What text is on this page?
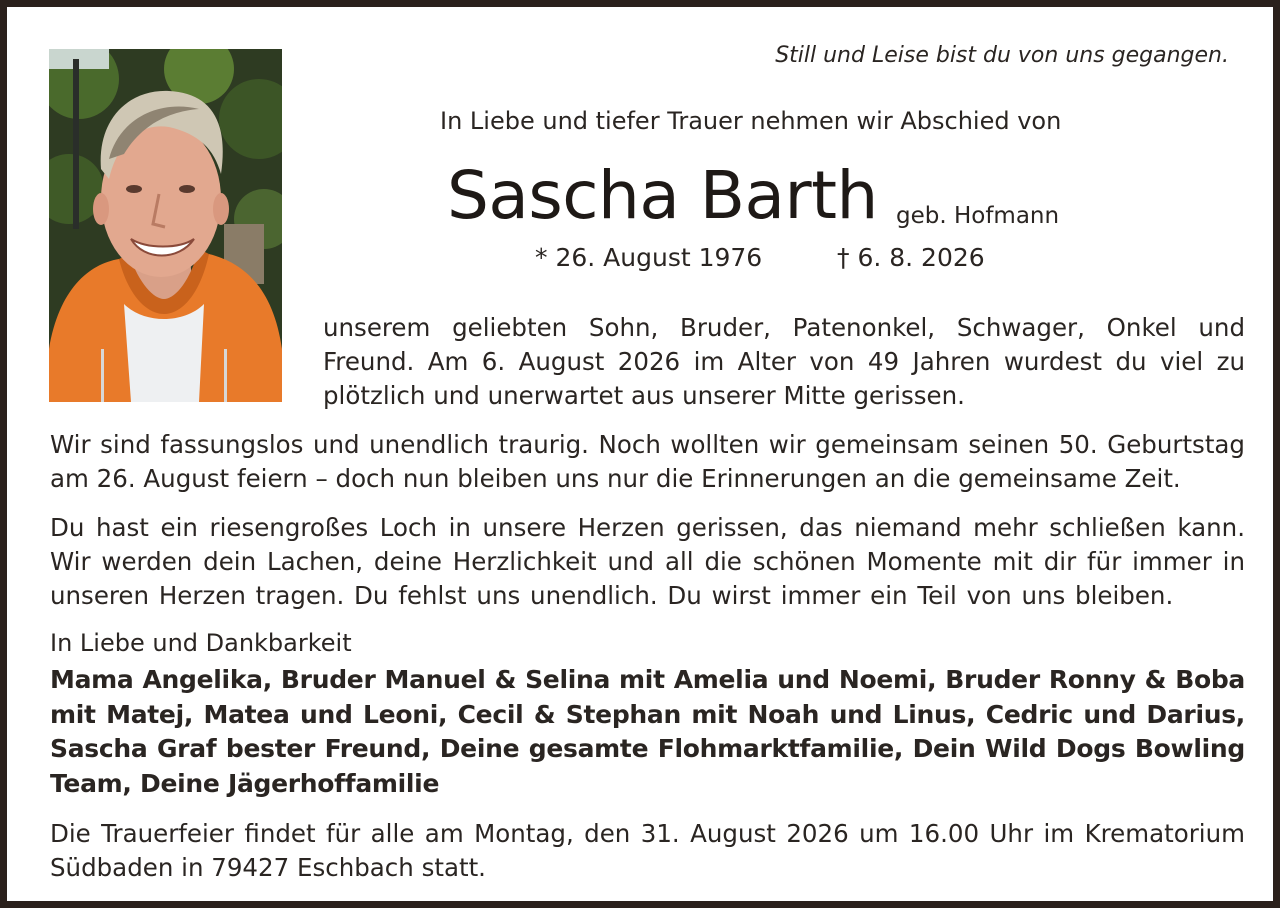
Still und Leise bist du von uns gegangen.
In Liebe und tiefer Trauer nehmen wir Abschied von
Sascha Barth geb. Hofmann
* 26. August 1976	† 6. 8. 2026
unserem geliebten Sohn, Bruder, Patenonkel, Schwager, Onkel und Freund. Am 6. August 2026 im Alter von 49 Jahren wurdest du viel zu plötzlich und unerwartet aus unserer Mitte gerissen.
Wir sind fassungslos und unendlich traurig. Noch wollten wir gemeinsam seinen 50. Geburtstag am 26. August feiern – doch nun bleiben uns nur die Erinnerungen an die gemeinsame Zeit.
Du hast ein riesengroßes Loch in unsere Herzen gerissen, das niemand mehr schließen kann. Wir werden dein Lachen, deine Herzlichkeit und all die schönen Momente mit dir für immer in unseren Herzen tragen. Du fehlst uns unendlich. Du wirst immer ein Teil von uns bleiben.
In Liebe und Dankbarkeit
Mama Angelika, Bruder Manuel & Selina mit Amelia und Noemi, Bruder Ronny & Boba mit Matej, Matea und Leoni, Cecil & Stephan mit Noah und Linus, Cedric und Darius, Sascha Graf bester Freund, Deine gesamte Flohmarktfamilie, Dein Wild Dogs Bowling Team, Deine Jägerhoffamilie
Die Trauerfeier findet für alle am Montag, den 31. August 2026 um 16.00 Uhr im Krematorium Südbaden in 79427 Eschbach statt.
